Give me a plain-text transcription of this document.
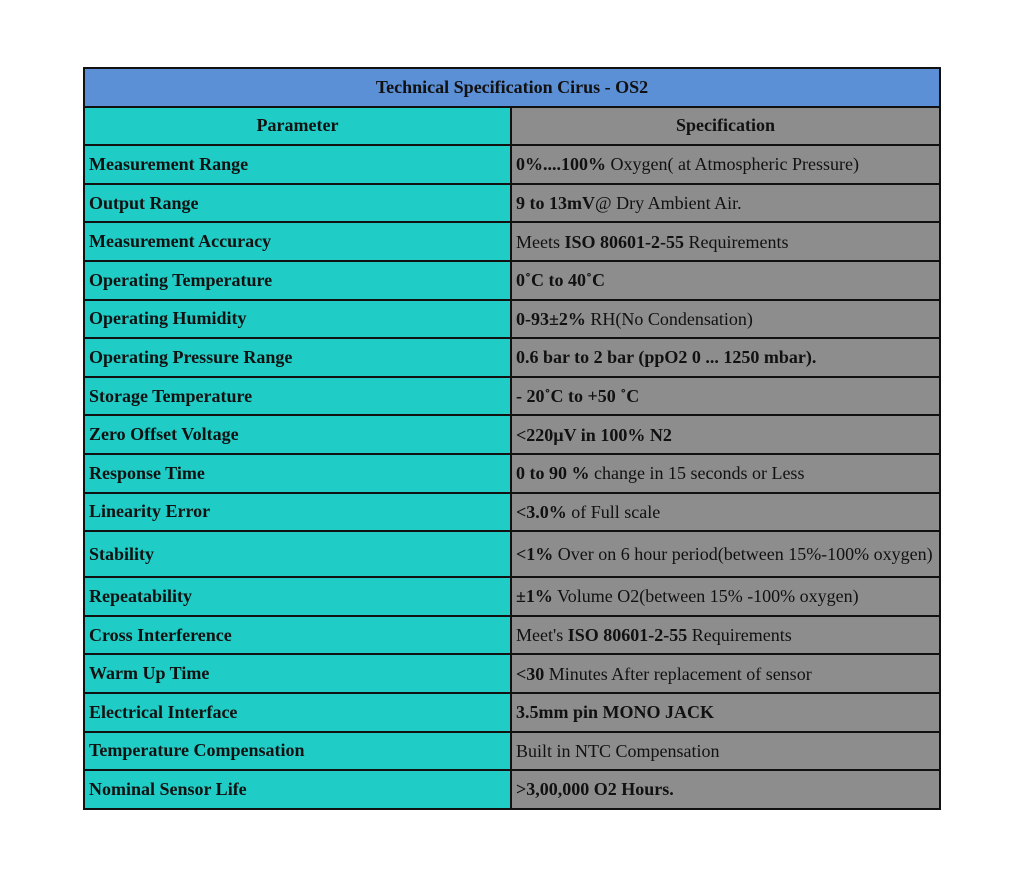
Technical Specification Cirus - OS2	
Parameter	Specification
Measurement Range	0%....100% Oxygen( at Atmospheric Pressure)
Output Range	9 to 13mV@ Dry Ambient Air.
Measurement Accuracy	Meets ISO 80601-2-55 Requirements
Operating Temperature	0˚C to 40˚C
Operating Humidity	0-93±2% RH(No Condensation)
Operating Pressure Range	0.6 bar to 2 bar (ppO2 0 ... 1250 mbar).
Storage Temperature	- 20˚C to +50 ˚C
Zero Offset Voltage	<220µV in 100% N2
Response Time	0 to 90 % change in 15 seconds or Less
Linearity Error	<3.0% of Full scale
Stability	<1% Over on 6 hour period(between 15%-100% oxygen)
Repeatability	±1% Volume O2(between 15% -100% oxygen)
Cross Interference	Meet's ISO 80601-2-55 Requirements
Warm Up Time	<30 Minutes After replacement of sensor
Electrical Interface	3.5mm pin MONO JACK
Temperature Compensation	Built in NTC Compensation
Nominal Sensor Life	>3,00,000 O2 Hours.
